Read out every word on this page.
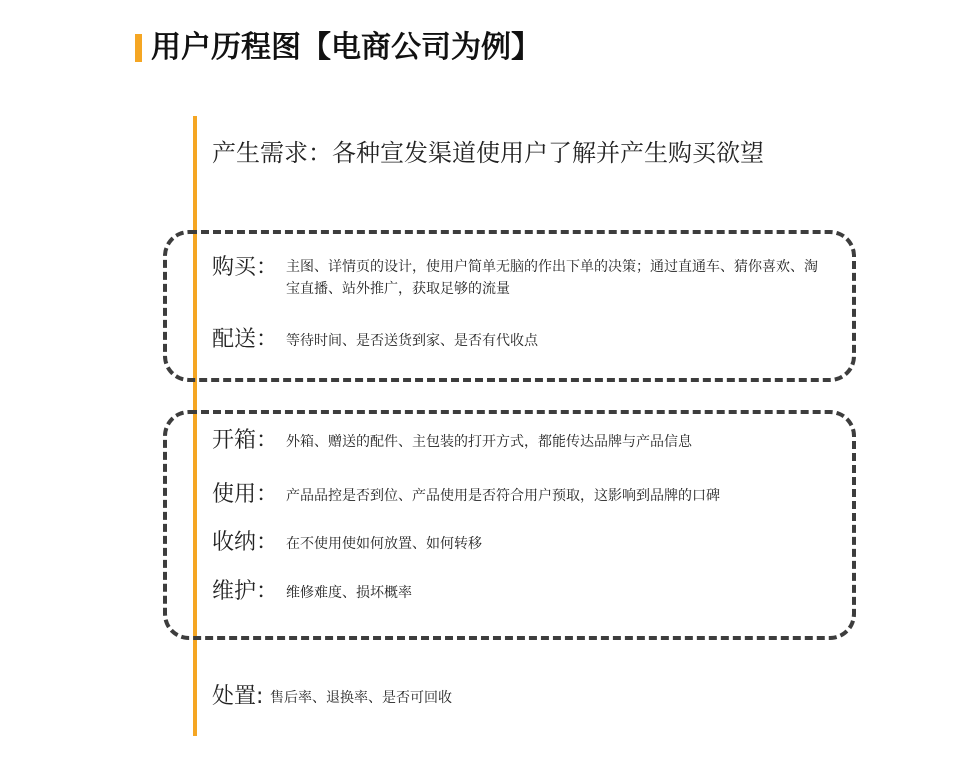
用户历程图【电商公司为例】
产生需求：各种宣发渠道使用户了解并产生购买欲望
购买： 主图、详情页的设计，使用户简单无脑的作出下单的决策；通过直通车、猜你喜欢、淘宝直播、站外推广，获取足够的流量
配送： 等待时间、是否送货到家、是否有代收点
开箱： 外箱、赠送的配件、主包装的打开方式，都能传达品牌与产品信息
使用： 产品品控是否到位、产品使用是否符合用户预取，这影响到品牌的口碑
收纳： 在不使用使如何放置、如何转移
维护： 维修难度、损坏概率
处置: 售后率、退换率、是否可回收
